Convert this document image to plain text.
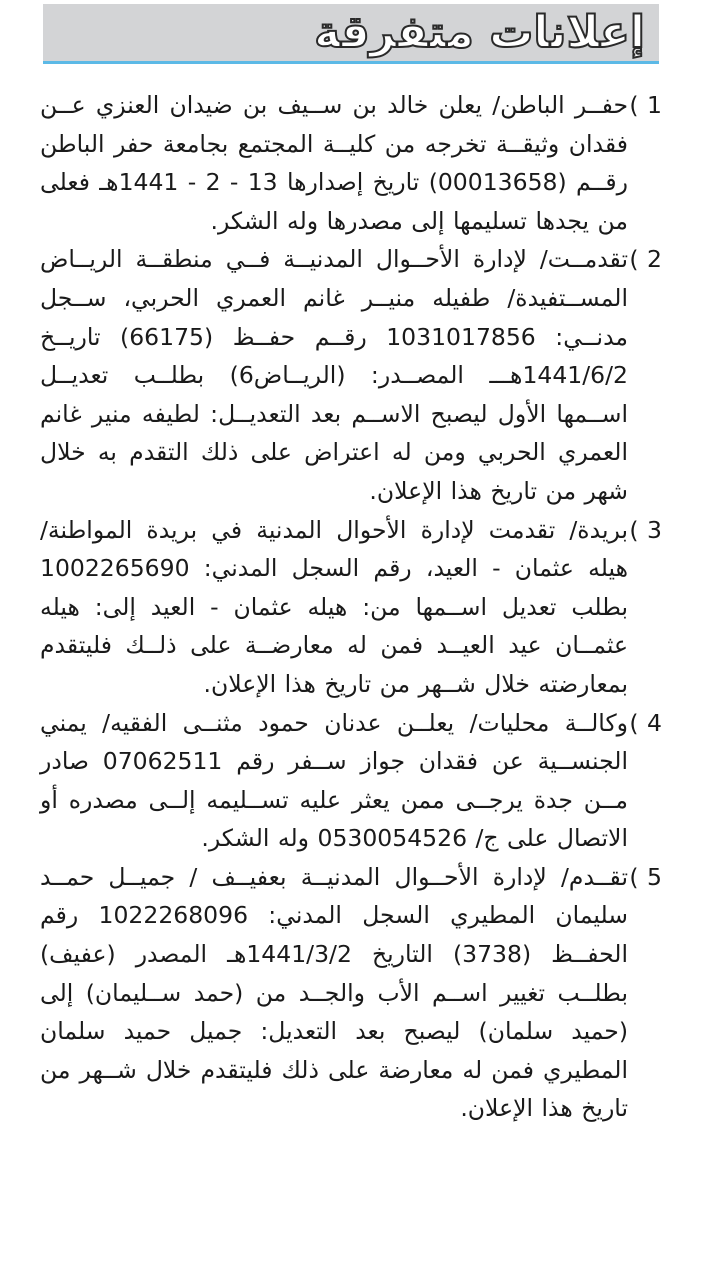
إعلانات متفرقة
1 )
حفــر الباطن/ يعلن خالد بن ســيف بن ضيدان العنزي عــن فقدان وثيقــة تخرجه من كليــة المجتمع بجامعة حفر الباطن رقــم (00013658) تاريخ إصدارها 13 - 2 - 1441هـ فعلى من يجدها تسليمها إلى مصدرها وله الشكر.
2 )
تقدمــت/ لإدارة الأحــوال المدنيــة فــي منطقــة الريــاض المســتفيدة/ طفيله منيــر غانم العمري الحربي، ســجل مدنــي: 1031017856 رقــم حفــظ (66175) تاريــخ 1441/6/2هـــ المصــدر: (الريــاض6) بطلــب تعديــل اســمها الأول ليصبح الاســم بعد التعديــل: لطيفه منير غانم العمري الحربي ومن له اعتراض على ذلك التقدم به خلال شهر من تاريخ هذا الإعلان.
3 )
بريدة/ تقدمت لإدارة الأحوال المدنية في بريدة المواطنة/ هيله عثمان - العيد، رقم السجل المدني: 1002265690 بطلب تعديل اســمها من: هيله عثمان - العيد إلى: هيله عثمــان عيد العيــد فمن له معارضــة على ذلــك فليتقدم بمعارضته خلال شــهر من تاريخ هذا الإعلان.
4 )
وكالــة محليات/ يعلــن عدنان حمود مثنــى الفقيه/ يمني الجنســية عن فقدان جواز ســفر رقم 07062511 صادر مــن جدة يرجــى ممن يعثر عليه تســليمه إلــى مصدره أو الاتصال على ج/ 0530054526 وله الشكر.
5 )
تقــدم/ لإدارة الأحــوال المدنيــة بعفيــف / جميــل حمــد سليمان المطيري السجل المدني: 1022268096 رقم الحفــظ (3738) التاريخ 1441/3/2هـ المصدر (عفيف) بطلــب تغيير اســم الأب والجــد من (حمد ســليمان) إلى (حميد سلمان) ليصبح بعد التعديل: جميل حميد سلمان المطيري فمن له معارضة على ذلك فليتقدم خلال شــهر من تاريخ هذا الإعلان.
